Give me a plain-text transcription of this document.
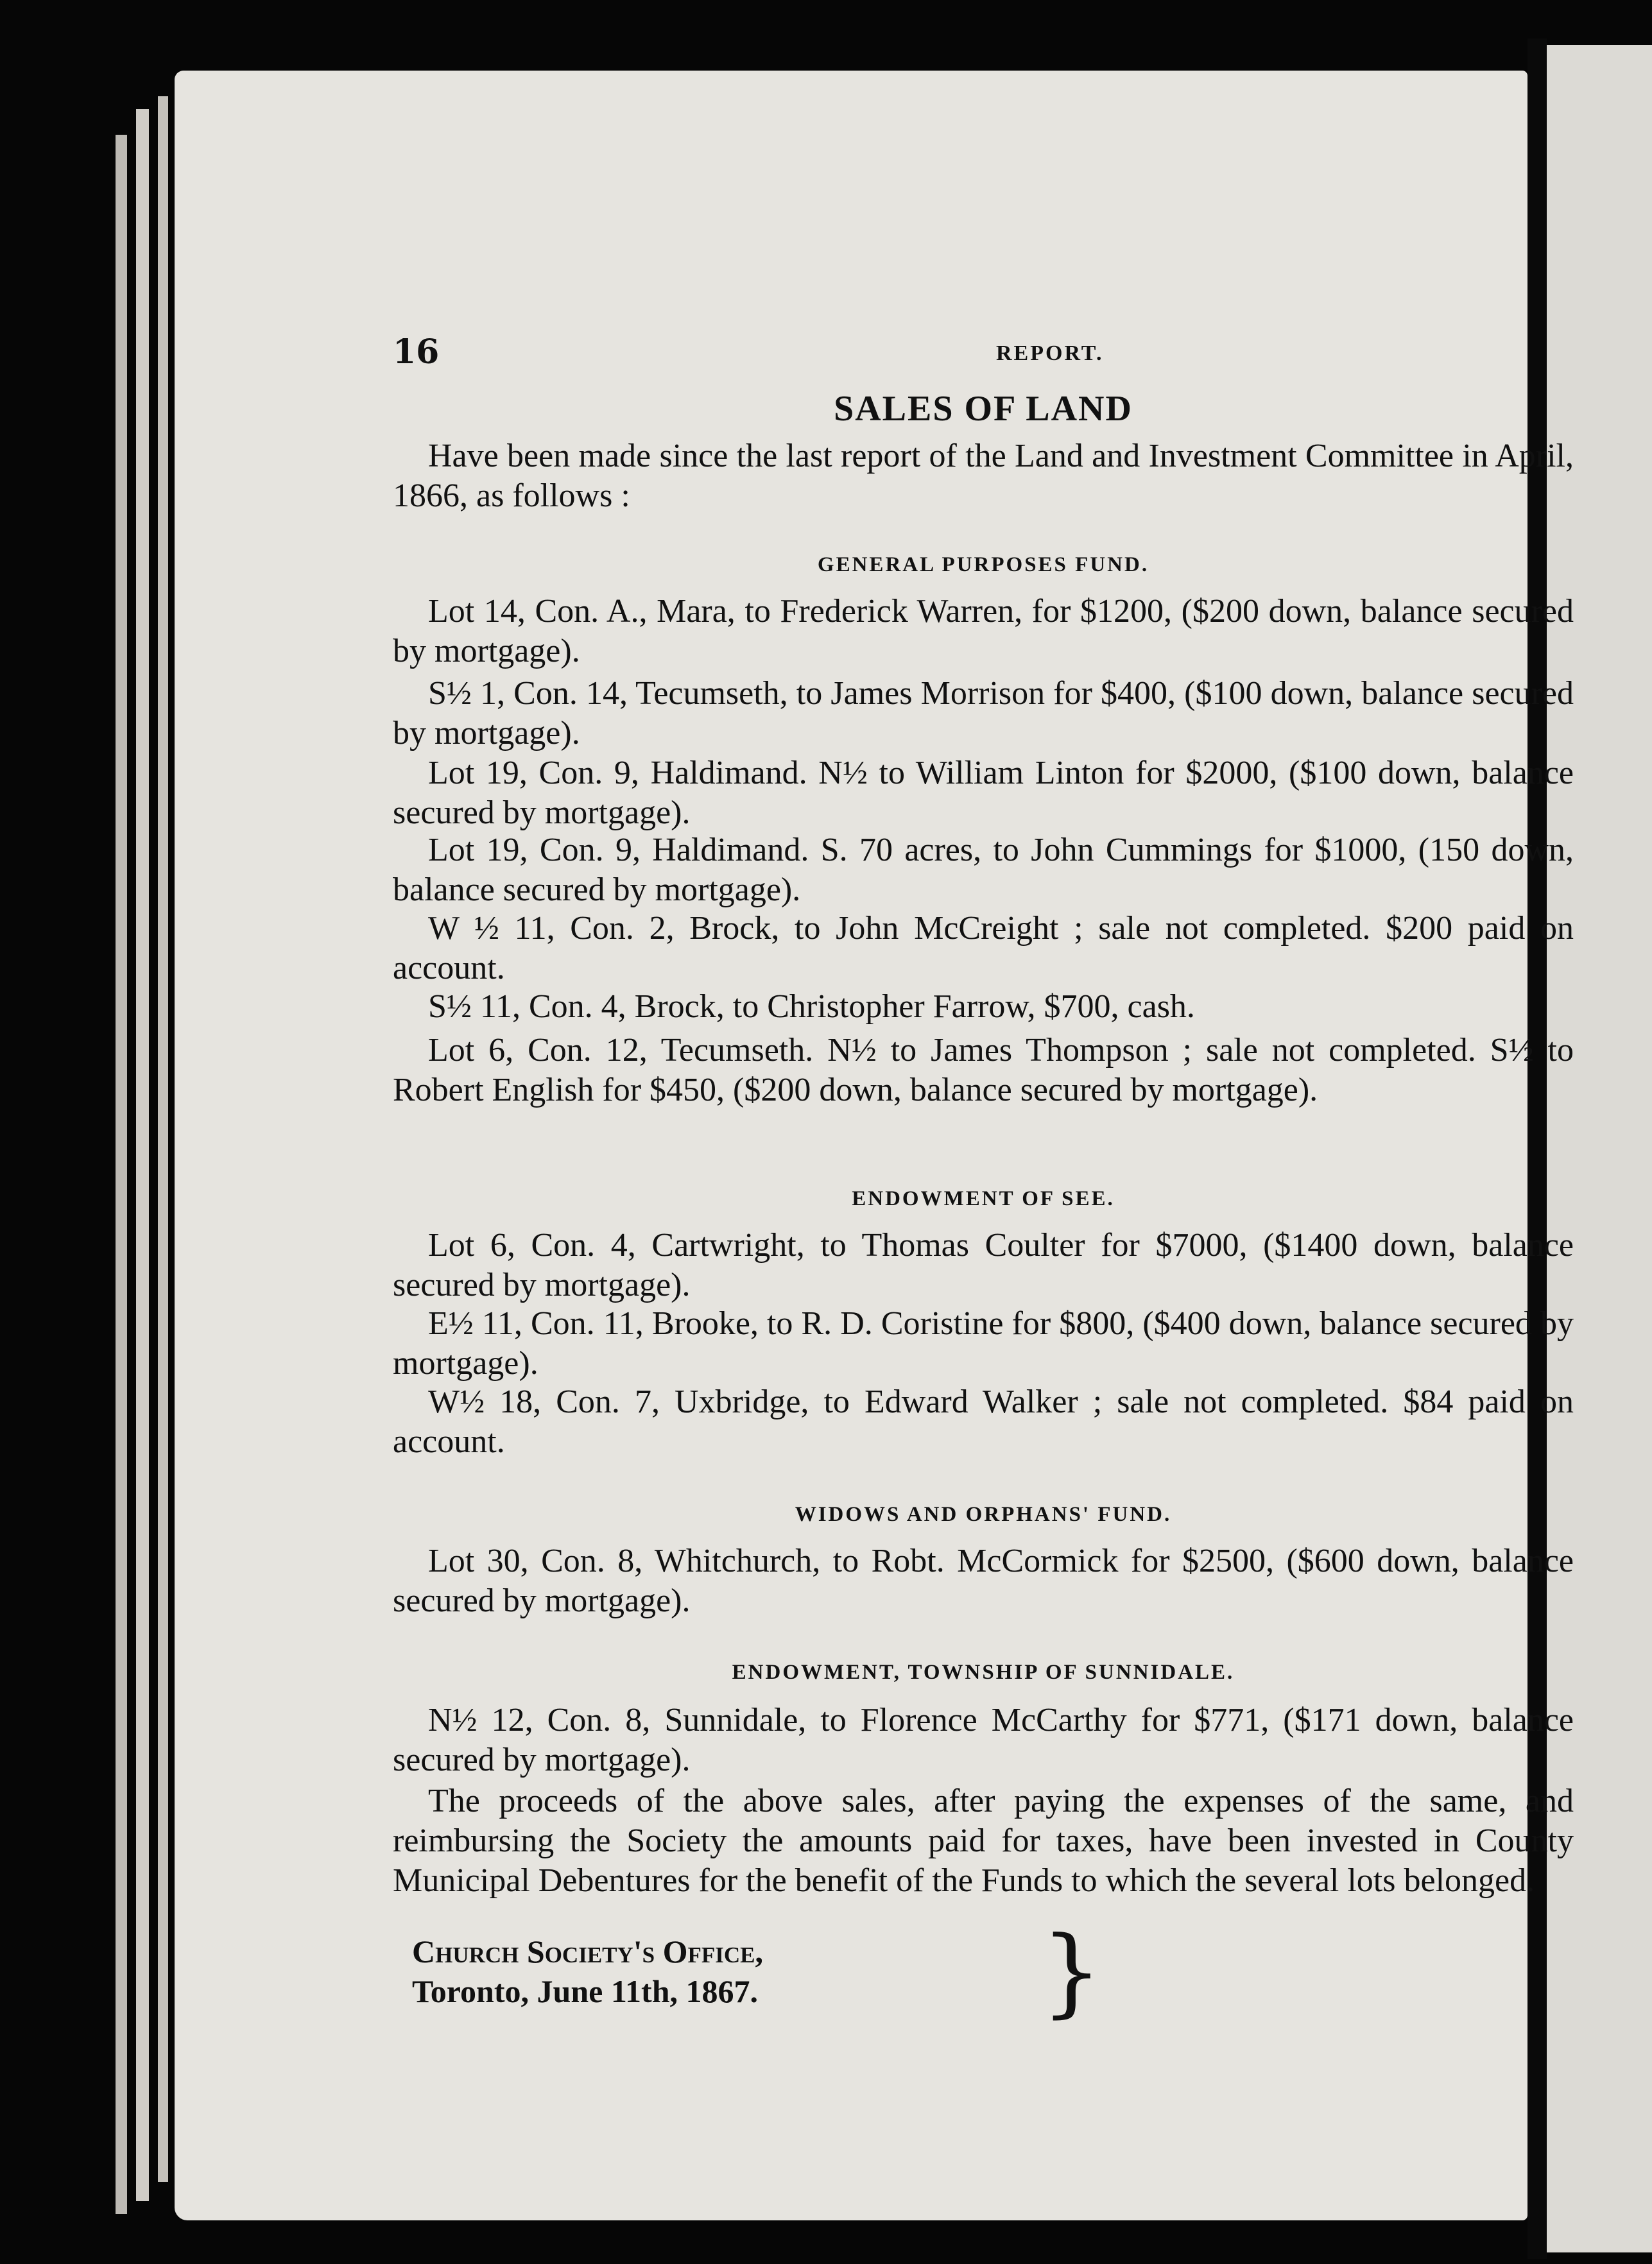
16	REPORT.
SALES OF LAND
Have been made since the last report of the Land and Investment Committee in April, 1866, as follows :
GENERAL PURPOSES FUND.
Lot 14, Con. A., Mara, to Frederick Warren, for $1200, ($200 down, balance secured by mortgage).
S½ 1, Con. 14, Tecumseth, to James Morrison for $400, ($100 down, balance secured by mortgage).
Lot 19, Con. 9, Haldimand. N½ to William Linton for $2000, ($100 down, balance secured by mortgage).
Lot 19, Con. 9, Haldimand. S. 70 acres, to John Cummings for $1000, (150 down, balance secured by mortgage).
W ½ 11, Con. 2, Brock, to John McCreight ; sale not completed. $200 paid on account.
S½ 11, Con. 4, Brock, to Christopher Farrow, $700, cash.
Lot 6, Con. 12, Tecumseth. N½ to James Thompson ; sale not completed. S½ to Robert English for $450, ($200 down, balance secured by mortgage).
ENDOWMENT OF SEE.
Lot 6, Con. 4, Cartwright, to Thomas Coulter for $7000, ($1400 down, balance secured by mortgage).
E½ 11, Con. 11, Brooke, to R. D. Coristine for $800, ($400 down, balance secured by mortgage).
W½ 18, Con. 7, Uxbridge, to Edward Walker ; sale not completed. $84 paid on account.
WIDOWS AND ORPHANS' FUND.
Lot 30, Con. 8, Whitchurch, to Robt. McCormick for $2500, ($600 down, balance secured by mortgage).
ENDOWMENT, TOWNSHIP OF SUNNIDALE.
N½ 12, Con. 8, Sunnidale, to Florence McCarthy for $771, ($171 down, balance secured by mortgage).
The proceeds of the above sales, after paying the expenses of the same, and reimbursing the Society the amounts paid for taxes, have been invested in County Municipal Debentures for the benefit of the Funds to which the several lots belonged.
Church Society's Office,
Toronto, June 11th, 1867.	}
